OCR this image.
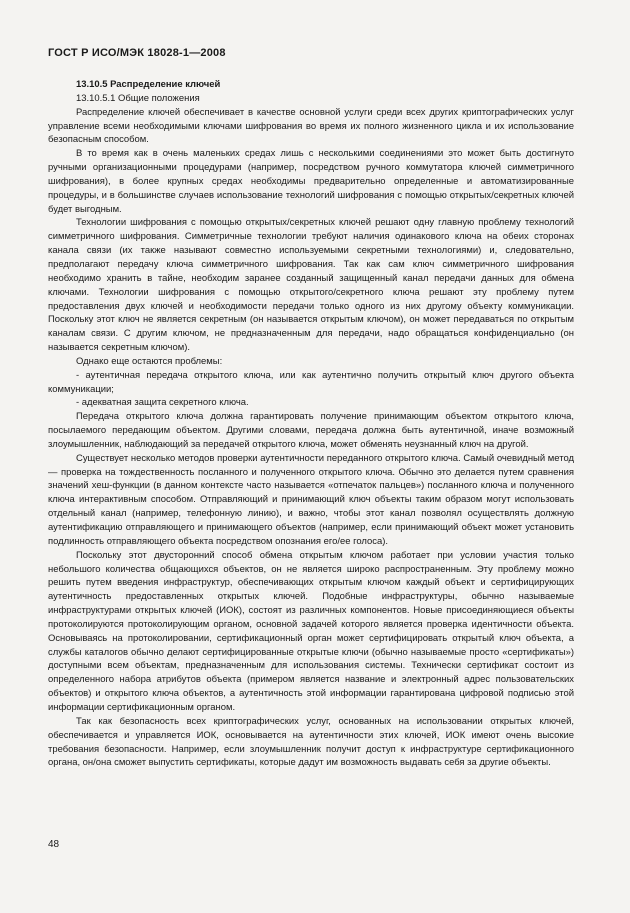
ГОСТ Р ИСО/МЭК 18028-1—2008

13.10.5 Распределение ключей

13.10.5.1 Общие положения

Распределение ключей обеспечивает в качестве основной услуги среди всех других криптографических услуг управление всеми необходимыми ключами шифрования во время их полного жизненного цикла и их использование безопасным способом.

В то время как в очень маленьких средах лишь с несколькими соединениями это может быть достигнуто ручными организационными процедурами (например, посредством ручного коммутатора ключей симметричного шифрования), в более крупных средах необходимы предварительно определенные и автоматизированные процедуры, и в большинстве случаев использование технологий шифрования с помощью открытых/секретных ключей будет выгодным.

Технологии шифрования с помощью открытых/секретных ключей решают одну главную проблему технологий симметричного шифрования. Симметричные технологии требуют наличия одинакового ключа на обеих сторонах канала связи (их также называют совместно используемыми секретными технологиями) и, следовательно, предполагают передачу ключа симметричного шифрования. Так как сам ключ симметричного шифрования необходимо хранить в тайне, необходим заранее созданный защищенный канал передачи данных для обмена ключами. Технологии шифрования с помощью открытого/секретного ключа решают эту проблему путем предоставления двух ключей и необходимости передачи только одного из них другому объекту коммуникации. Поскольку этот ключ не является секретным (он называется открытым ключом), он может передаваться по открытым каналам связи. С другим ключом, не предназначенным для передачи, надо обращаться конфиденциально (он называется секретным ключом).

Однако еще остаются проблемы:

- аутентичная передача открытого ключа, или как аутентично получить открытый ключ другого объекта коммуникации;

- адекватная защита секретного ключа.

Передача открытого ключа должна гарантировать получение принимающим объектом открытого ключа, посылаемого передающим объектом. Другими словами, передача должна быть аутентичной, иначе возможный злоумышленник, наблюдающий за передачей открытого ключа, может обменять неузнанный ключ на другой.

Существует несколько методов проверки аутентичности переданного открытого ключа. Самый очевидный метод — проверка на тождественность посланного и полученного открытого ключа. Обычно это делается путем сравнения значений хеш-функции (в данном контексте часто называется «отпечаток пальцев») посланного ключа и полученного ключа интерактивным способом. Отправляющий и принимающий ключ объекты таким образом могут использовать отдельный канал (например, телефонную линию), и важно, чтобы этот канал позволял осуществлять должную аутентификацию отправляющего и принимающего объектов (например, если принимающий объект может установить подлинность отправляющего объекта посредством опознания его/ее голоса).

Поскольку этот двусторонний способ обмена открытым ключом работает при условии участия только небольшого количества общающихся объектов, он не является широко распространенным. Эту проблему можно решить путем введения инфраструктур, обеспечивающих открытым ключом каждый объект и сертифицирующих аутентичность предоставленных открытых ключей. Подобные инфраструктуры, обычно называемые инфраструктурами открытых ключей (ИОК), состоят из различных компонентов. Новые присоединяющиеся объекты протоколируются протоколирующим органом, основной задачей которого является проверка идентичности объекта. Основываясь на протоколировании, сертификационный орган может сертифицировать открытый ключ объекта, а службы каталогов обычно делают сертифицированные открытые ключи (обычно называемые просто «сертификаты») доступными всем объектам, предназначенным для использования системы. Технически сертификат состоит из определенного набора атрибутов объекта (примером является название и электронный адрес пользовательских объектов) и открытого ключа объектов, а аутентичность этой информации гарантирована цифровой подписью этой информации сертификационным органом.

Так как безопасность всех криптографических услуг, основанных на использовании открытых ключей, обеспечивается и управляется ИОК, основывается на аутентичности этих ключей, ИОК имеют очень высокие требования безопасности. Например, если злоумышленник получит доступ к инфраструктуре сертификационного органа, он/она сможет выпустить сертификаты, которые дадут им возможность выдавать себя за другие объекты.

48
